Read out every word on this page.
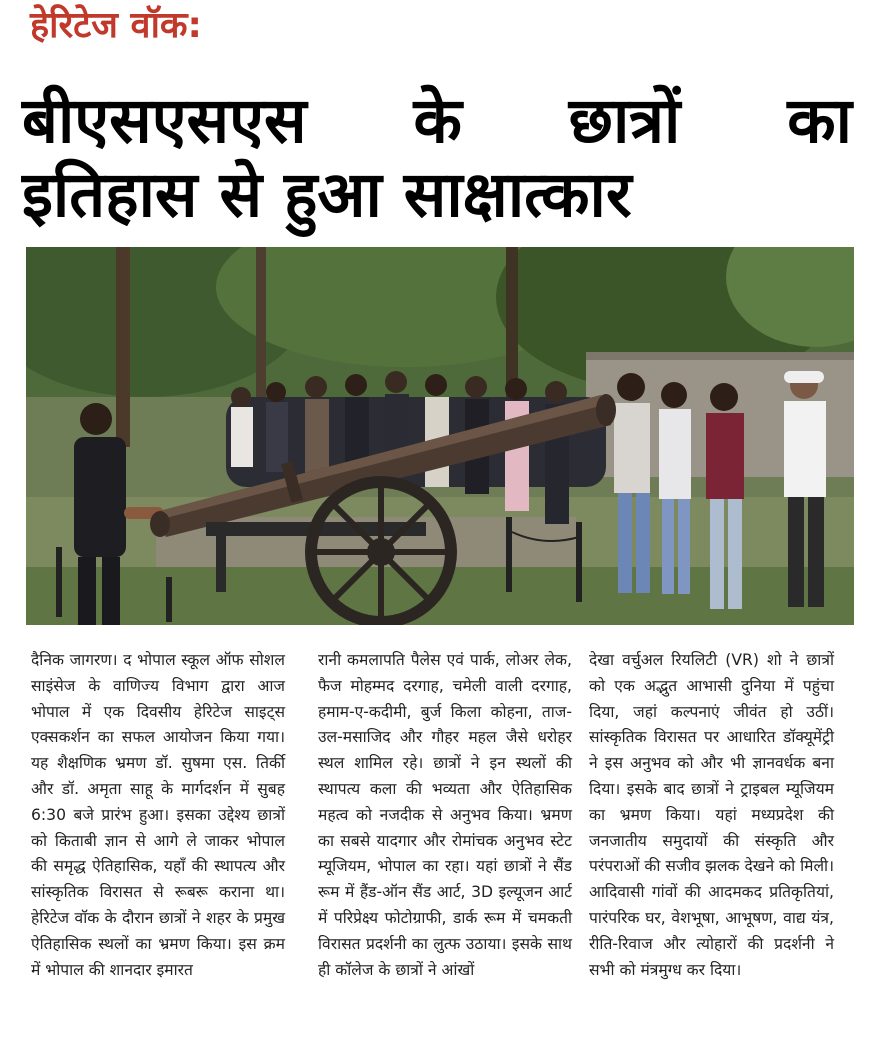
हेरिटेज वॉक:
बीएसएसएस के छात्रों का
इतिहास से हुआ साक्षात्कार
दैनिक जागरण। द भोपाल स्कूल ऑफ सोशल साइंसेज के वाणिज्य विभाग द्वारा आज भोपाल में एक दिवसीय हेरिटेज साइट्स एक्सकर्शन का सफल आयोजन किया गया। यह शैक्षणिक भ्रमण डॉ. सुषमा एस. तिर्की और डॉ. अमृता साहू के मार्गदर्शन में सुबह 6:30 बजे प्रारंभ हुआ। इसका उद्देश्य छात्रों को किताबी ज्ञान से आगे ले जाकर भोपाल की समृद्ध ऐतिहासिक, यहाँ की स्थापत्य और सांस्कृतिक विरासत से रूबरू कराना था।हेरिटेज वॉक के दौरान छात्रों ने शहर के प्रमुख ऐतिहासिक स्थलों का भ्रमण किया। इस क्रम में भोपाल की शानदार इमारत
रानी कमलापति पैलेस एवं पार्क, लोअर लेक, फैज मोहम्मद दरगाह, चमेली वाली दरगाह, हमाम-ए-कदीमी, बुर्ज किला कोहना, ताज-उल-मसाजिद और गौहर महल जैसे धरोहर स्थल शामिल रहे। छात्रों ने इन स्थलों की स्थापत्य कला की भव्यता और ऐतिहासिक महत्व को नजदीक से अनुभव किया। भ्रमण का सबसे यादगार और रोमांचक अनुभव स्टेट म्यूजियम, भोपाल का रहा। यहां छात्रों ने सैंड रूम में हैंड-ऑन सैंड आर्ट, 3D इल्यूजन आर्ट में परिप्रेक्ष्य फोटोग्राफी, डार्क रूम में चमकती विरासत प्रदर्शनी का लुत्फ उठाया। इसके साथ ही कॉलेज के छात्रों ने आंखों
देखा वर्चुअल रियलिटी (VR) शो ने छात्रों को एक अद्भुत आभासी दुनिया में पहुंचा दिया, जहां कल्पनाएं जीवंत हो उठीं। सांस्कृतिक विरासत पर आधारित डॉक्यूमेंट्री ने इस अनुभव को और भी ज्ञानवर्धक बना दिया। इसके बाद छात्रों ने ट्राइबल म्यूजियम का भ्रमण किया। यहां मध्यप्रदेश की जनजातीय समुदायों की संस्कृति और परंपराओं की सजीव झलक देखने को मिली। आदिवासी गांवों की आदमकद प्रतिकृतियां, पारंपरिक घर, वेशभूषा, आभूषण, वाद्य यंत्र, रीति-रिवाज और त्योहारों की प्रदर्शनी ने सभी को मंत्रमुग्ध कर दिया।
